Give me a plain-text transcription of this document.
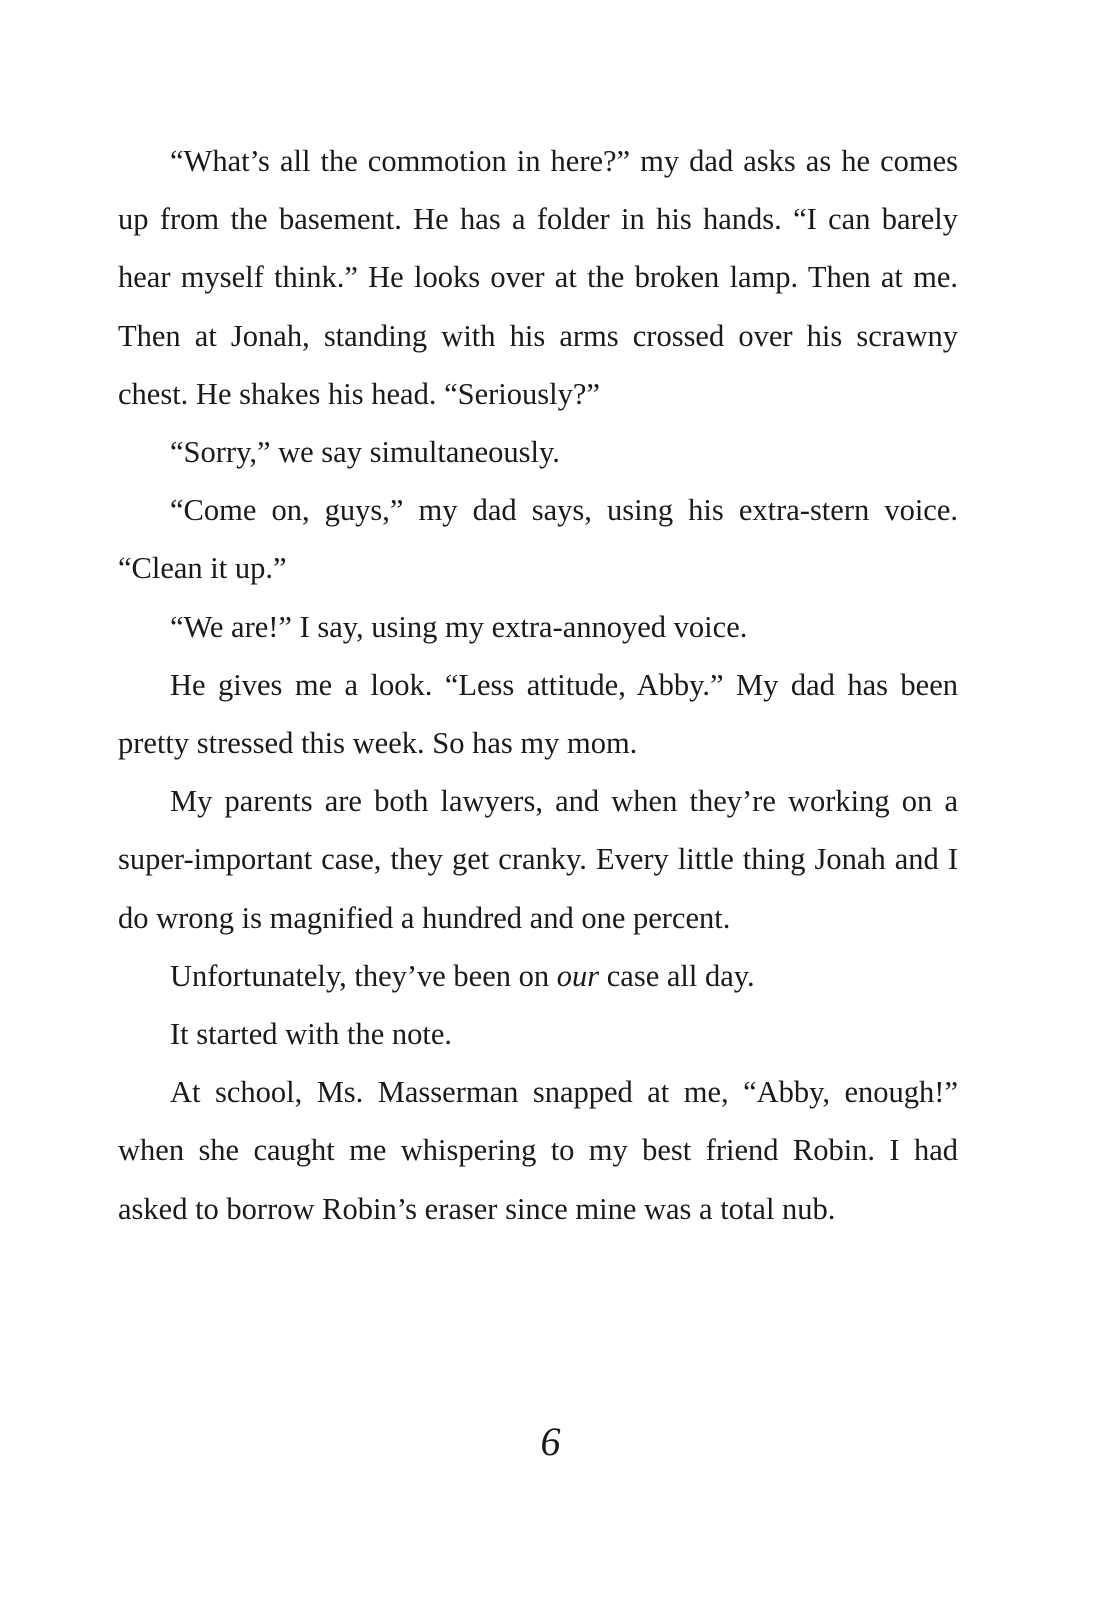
“What’s all the commotion in here?” my dad asks as he comes up from the basement. He has a folder in his hands. “I can barely hear myself think.” He looks over at the broken lamp. Then at me. Then at Jonah, standing with his arms crossed over his scrawny chest. He shakes his head. “Seriously?”

“Sorry,” we say simultaneously.

“Come on, guys,” my dad says, using his extra-stern voice. “Clean it up.”

“We are!” I say, using my extra-annoyed voice.

He gives me a look. “Less attitude, Abby.” My dad has been pretty stressed this week. So has my mom.

My parents are both lawyers, and when they’re working on a super-important case, they get cranky. Every little thing Jonah and I do wrong is magnified a hundred and one percent.

Unfortunately, they’ve been on our case all day.

It started with the note.

At school, Ms. Masserman snapped at me, “Abby, enough!” when she caught me whispering to my best friend Robin. I had asked to borrow Robin’s eraser since mine was a total nub.

6
